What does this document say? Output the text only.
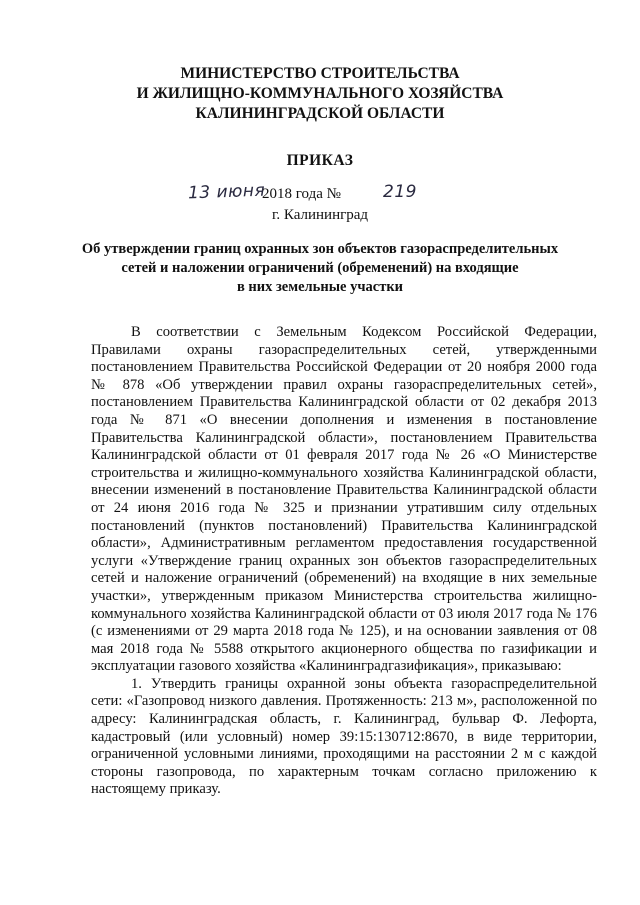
МИНИСТЕРСТВО СТРОИТЕЛЬСТВА
И ЖИЛИЩНО-КОММУНАЛЬНОГО ХОЗЯЙСТВА
КАЛИНИНГРАДСКОЙ ОБЛАСТИ
ПРИКАЗ
13 июня
2018 года № 219
г. Калининград
Об утверждении границ охранных зон объектов газораспределительных
сетей и наложении ограничений (обременений) на входящие
в них земельные участки

В соответствии с Земельным Кодексом Российской Федерации, Правилами охраны газораспределительных сетей, утвержденными постановлением Правительства Российской Федерации от 20 ноября 2000 года № 878 «Об утверждении правил охраны газораспределительных сетей», постановлением Правительства Калининградской области от 02 декабря 2013 года № 871 «О внесении дополнения и изменения в постановление Правительства Калининградской области», постановлением Правительства Калининградской области от 01 февраля 2017 года № 26 «О Министерстве строительства и жилищно-коммунального хозяйства Калининградской области, внесении изменений в постановление Правительства Калининградской области от 24 июня 2016 года № 325 и признании утратившим силу отдельных постановлений (пунктов постановлений) Правительства Калининградской области», Административным регламентом предоставления государственной услуги «Утверждение границ охранных зон объектов газораспределительных сетей и наложение ограничений (обременений) на входящие в них земельные участки», утвержденным приказом Министерства строительства жилищно-коммунального хозяйства Калининградской области от 03 июля 2017 года № 176 (с изменениями от 29 марта 2018 года № 125), и на основании заявления от 08 мая 2018 года № 5588 открытого акционерного общества по газификации и эксплуатации газового хозяйства «Калининградгазификация», приказываю:

1. Утвердить границы охранной зоны объекта газораспределительной сети: «Газопровод низкого давления. Протяженность: 213 м», расположенной по адресу: Калининградская область, г. Калининград, бульвар Ф. Лефорта, кадастровый (или условный) номер 39:15:130712:8670, в виде территории, ограниченной условными линиями, проходящими на расстоянии 2 м с каждой стороны газопровода, по характерным точкам согласно приложению к настоящему приказу.
